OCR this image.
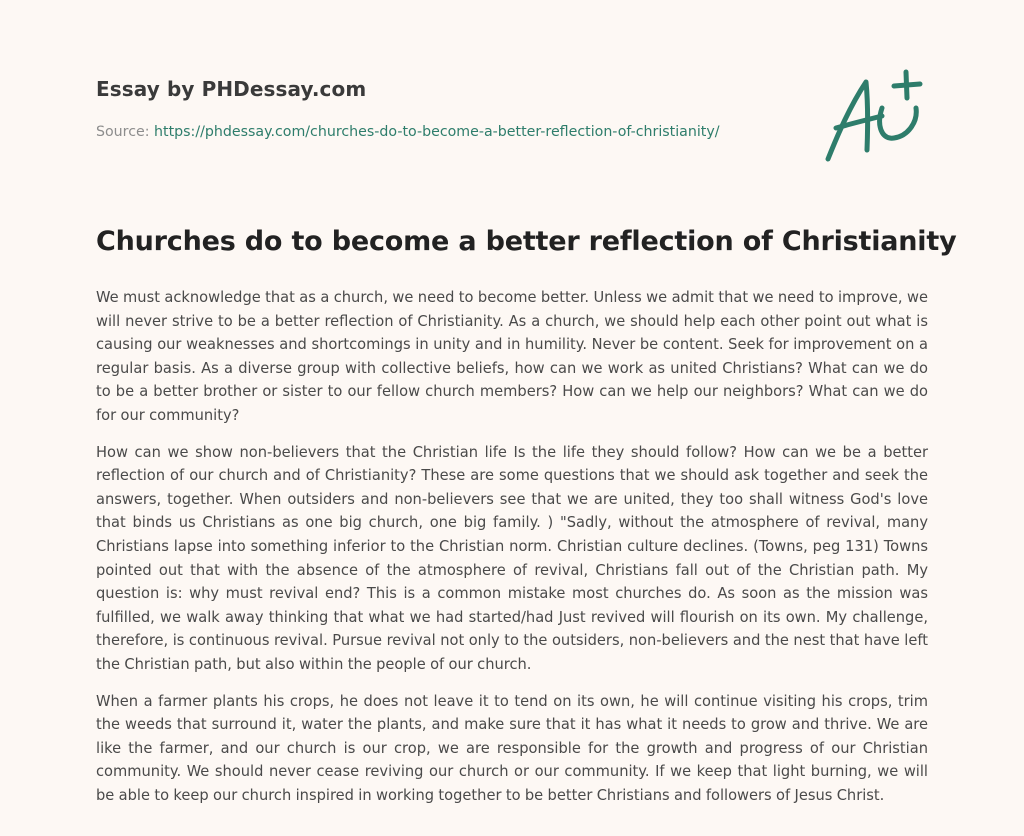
Essay by PHDessay.com
Source: https://phdessay.com/churches-do-to-become-a-better-reflection-of-christianity/
Churches do to become a better reflection of Christianity

We must acknowledge that as a church, we need to become better. Unless we admit that we need to improve, we will never strive to be a better reflection of Christianity. As a church, we should help each other point out what is causing our weaknesses and shortcomings in unity and in humility. Never be content. Seek for improvement on a regular basis. As a diverse group with collective beliefs, how can we work as united Christians? What can we do to be a better brother or sister to our fellow church members? How can we help our neighbors? What can we do for our community?

How can we show non-believers that the Christian life Is the life they should follow? How can we be a better reflection of our church and of Christianity? These are some questions that we should ask together and seek the answers, together. When outsiders and non-believers see that we are united, they too shall witness God's love that binds us Christians as one big church, one big family. ) "Sadly, without the atmosphere of revival, many Christians lapse into something inferior to the Christian norm. Christian culture declines. (Towns, peg 131) Towns pointed out that with the absence of the atmosphere of revival, Christians fall out of the Christian path. My question is: why must revival end? This is a common mistake most churches do. As soon as the mission was fulfilled, we walk away thinking that what we had started/had Just revived will flourish on its own. My challenge, therefore, is continuous revival. Pursue revival not only to the outsiders, non-believers and the nest that have left the Christian path, but also within the people of our church.

When a farmer plants his crops, he does not leave it to tend on its own, he will continue visiting his crops, trim the weeds that surround it, water the plants, and make sure that it has what it needs to grow and thrive. We are like the farmer, and our church is our crop, we are responsible for the growth and progress of our Christian community. We should never cease reviving our church or our community. If we keep that light burning, we will be able to keep our church inspired in working together to be better Christians and followers of Jesus Christ.
